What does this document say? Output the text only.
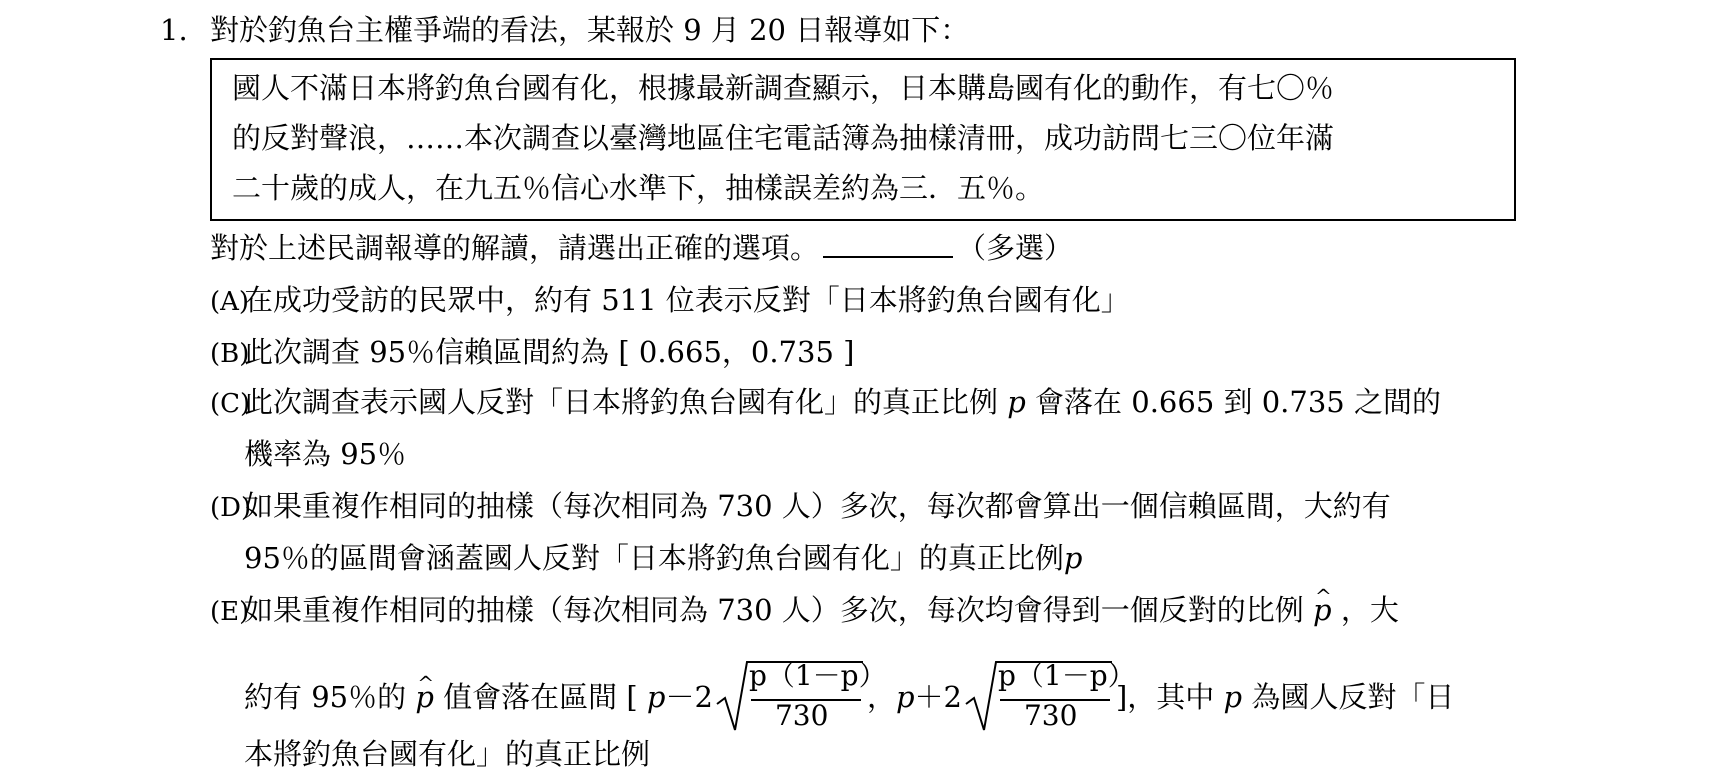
1. 對於釣魚台主權爭端的看法，某報於 9 月 20 日報導如下：
國人不滿日本將釣魚台國有化，根據最新調查顯示，日本購島國有化的動作，有七〇％
的反對聲浪，……本次調查以臺灣地區住宅電話簿為抽樣清冊，成功訪問七三〇位年滿
二十歲的成人，在九五％信心水準下，抽樣誤差約為三．五％。
對於上述民調報導的解讀，請選出正確的選項。	（多選）
(A)在成功受訪的民眾中，約有 511 位表示反對「日本將釣魚台國有化」
(B)此次調查 95％信賴區間約為 [ 0.665，0.735 ]
(C)此次調查表示國人反對「日本將釣魚台國有化」的真正比例 p 會落在 0.665 到 0.735 之間的
機率為 95％
(D)如果重複作相同的抽樣（每次相同為 730 人）多次，每次都會算出一個信賴區間，大約有
95％的區間會涵蓋國人反對「日本將釣魚台國有化」的真正比例p
(E)如果重複作相同的抽樣（每次相同為 730 人）多次，每次均會得到一個反對的比例 ^ p ，大
約有 95％的 ^ p 值會落在區間 [ p－2
p（1－p）
730
，p＋2
p（1－p）
730
]，其中 p 為國人反對「日
本將釣魚台國有化」的真正比例
